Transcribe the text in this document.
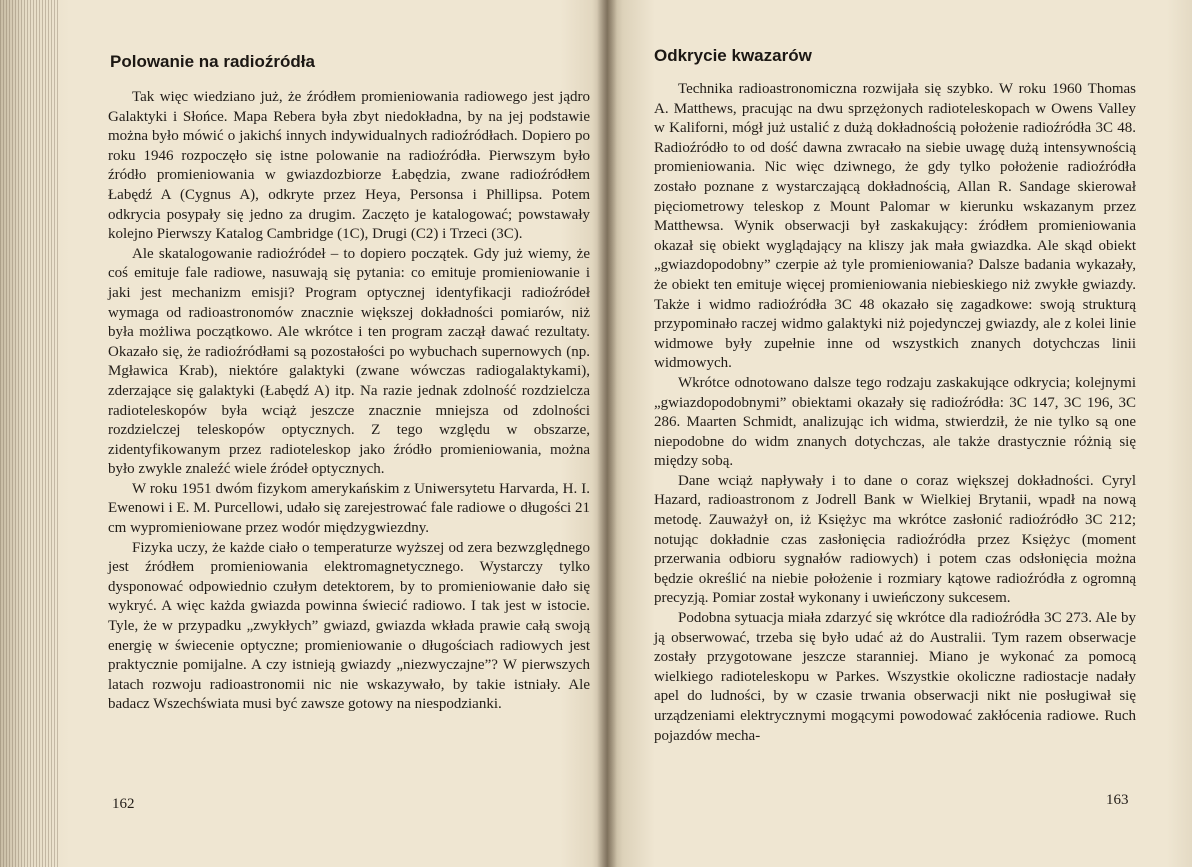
Polowanie na radioźródła

Tak więc wiedziano już, że źródłem promieniowania radiowego jest jądro Galaktyki i Słońce. Mapa Rebera była zbyt niedokładna, by na jej podstawie można było mówić o jakichś innych indywidualnych radioźródłach. Dopiero po roku 1946 rozpoczęło się istne polowanie na radioźródła. Pierwszym było źródło promieniowania w gwiazdozbiorze Łabędzia, zwane radioźródłem Łabędź A (Cygnus A), odkryte przez Heya, Personsa i Phillipsa. Potem odkrycia posypały się jedno za drugim. Zaczęto je katalogować; powstawały kolejno Pierwszy Katalog Cambridge (1C), Drugi (C2) i Trzeci (3C).

Ale skatalogowanie radioźródeł – to dopiero początek. Gdy już wiemy, że coś emituje fale radiowe, nasuwają się pytania: co emituje promieniowanie i jaki jest mechanizm emisji? Program optycznej identyfikacji radioźródeł wymaga od radioastronomów znacznie większej dokładności pomiarów, niż była możliwa początkowo. Ale wkrótce i ten program zaczął dawać rezultaty. Okazało się, że radioźródłami są pozostałości po wybuchach supernowych (np. Mgławica Krab), niektóre galaktyki (zwane wówczas radiogalaktykami), zderzające się galaktyki (Łabędź A) itp. Na razie jednak zdolność rozdzielcza radioteleskopów była wciąż jeszcze znacznie mniejsza od zdolności rozdzielczej teleskopów optycznych. Z tego względu w obszarze, zidentyfikowanym przez radioteleskop jako źródło promieniowania, można było zwykle znaleźć wiele źródeł optycznych.

W roku 1951 dwóm fizykom amerykańskim z Uniwersytetu Harvarda, H. I. Ewenowi i E. M. Purcellowi, udało się zarejestrować fale radiowe o długości 21 cm wypromieniowane przez wodór międzygwiezdny.

Fizyka uczy, że każde ciało o temperaturze wyższej od zera bezwzględnego jest źródłem promieniowania elektromagnetycznego. Wystarczy tylko dysponować odpowiednio czułym detektorem, by to promieniowanie dało się wykryć. A więc każda gwiazda powinna świecić radiowo. I tak jest w istocie. Tyle, że w przypadku „zwykłych” gwiazd, gwiazda wkłada prawie całą swoją energię w świecenie optyczne; promieniowanie o długościach radiowych jest praktycznie pomijalne. A czy istnieją gwiazdy „niezwyczajne”? W pierwszych latach rozwoju radioastronomii nic nie wskazywało, by takie istniały. Ale badacz Wszechświata musi być zawsze gotowy na niespodzianki.

162
Odkrycie kwazarów

Technika radioastronomiczna rozwijała się szybko. W roku 1960 Thomas A. Matthews, pracując na dwu sprzężonych radioteleskopach w Owens Valley w Kaliforni, mógł już ustalić z dużą dokładnością położenie radioźródła 3C 48. Radioźródło to od dość dawna zwracało na siebie uwagę dużą intensywnością promieniowania. Nic więc dziwnego, że gdy tylko położenie radioźródła zostało poznane z wystarczającą dokładnością, Allan R. Sandage skierował pięciometrowy teleskop z Mount Palomar w kierunku wskazanym przez Matthewsa. Wynik obserwacji był zaskakujący: źródłem promieniowania okazał się obiekt wyglądający na kliszy jak mała gwiazdka. Ale skąd obiekt „gwiazdopodobny” czerpie aż tyle promieniowania? Dalsze badania wykazały, że obiekt ten emituje więcej promieniowania niebieskiego niż zwykłe gwiazdy. Także i widmo radioźródła 3C 48 okazało się zagadkowe: swoją strukturą przypominało raczej widmo galaktyki niż pojedynczej gwiazdy, ale z kolei linie widmowe były zupełnie inne od wszystkich znanych dotychczas linii widmowych.

Wkrótce odnotowano dalsze tego rodzaju zaskakujące odkrycia; kolejnymi „gwiazdopodobnymi” obiektami okazały się radioźródła: 3C 147, 3C 196, 3C 286. Maarten Schmidt, analizując ich widma, stwierdził, że nie tylko są one niepodobne do widm znanych dotychczas, ale także drastycznie różnią się między sobą.

Dane wciąż napływały i to dane o coraz większej dokładności. Cyryl Hazard, radioastronom z Jodrell Bank w Wielkiej Brytanii, wpadł na nową metodę. Zauważył on, iż Księżyc ma wkrótce zasłonić radioźródło 3C 212; notując dokładnie czas zasłonięcia radioźródła przez Księżyc (moment przerwania odbioru sygnałów radiowych) i potem czas odsłonięcia można będzie określić na niebie położenie i rozmiary kątowe radioźródła z ogromną precyzją. Pomiar został wykonany i uwieńczony sukcesem.

Podobna sytuacja miała zdarzyć się wkrótce dla radioźródła 3C 273. Ale by ją obserwować, trzeba się było udać aż do Australii. Tym razem obserwacje zostały przygotowane jeszcze staranniej. Miano je wykonać za pomocą wielkiego radioteleskopu w Parkes. Wszystkie okoliczne radiostacje nadały apel do ludności, by w czasie trwania obserwacji nikt nie posługiwał się urządzeniami elektrycznymi mogącymi powodować zakłócenia radiowe. Ruch pojazdów mecha-

163
